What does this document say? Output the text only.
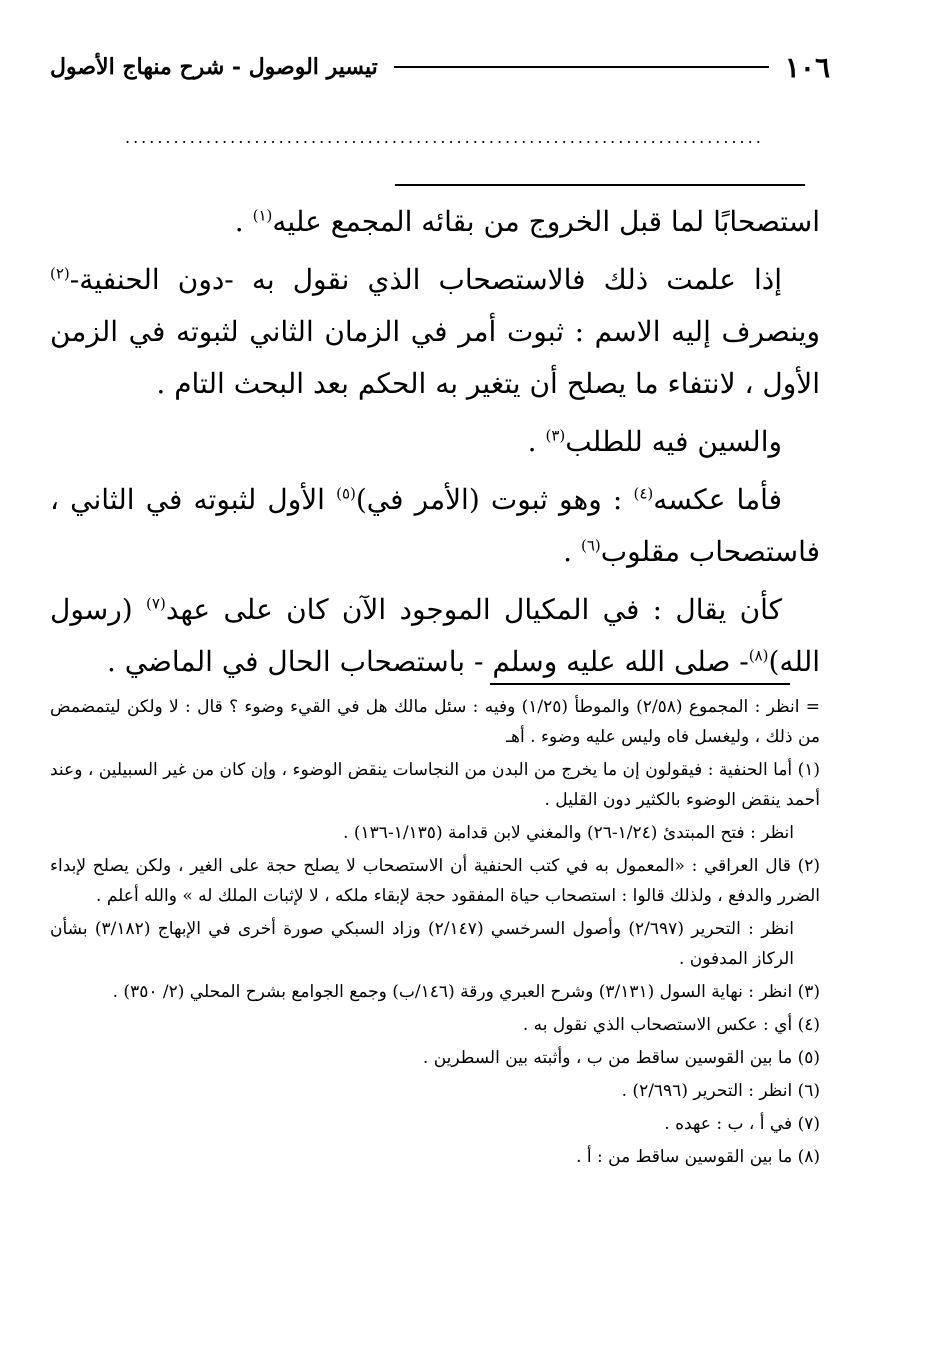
١٠٦
تيسير الوصول - شرح منهاج الأصول
...............................................................................

استصحابًا لما قبل الخروج من بقائه المجمع عليه$^{(١)}$ .

إذا علمت ذلك فالاستصحاب الذي نقول به -دون الحنفية-$^{(٢)}$ وينصرف إليه الاسم : ثبوت أمر في الزمان الثاني لثبوته في الزمن الأول ، لانتفاء ما يصلح أن يتغير به الحكم بعد البحث التام .

والسين فيه للطلب$^{(٣)}$ .

فأما عكسه$^{(٤)}$ : وهو ثبوت (الأمر في)$^{(٥)}$ الأول لثبوته في الثاني ، فاستصحاب مقلوب$^{(٦)}$ .

كأن يقال : في المكيال الموجود الآن كان على عهد$^{(٧)}$ (رسول الله)$^{(٨)}$- صلى الله عليه وسلم - باستصحاب الحال في الماضي .

= انظر : المجموع (٢/٥٨) والموطأ (١/٢٥) وفيه : سئل مالك هل في القيء وضوء ؟ قال : لا ولكن ليتمضمض من ذلك ، وليغسل فاه وليس عليه وضوء . أهـ

(١) أما الحنفية : فيقولون إن ما يخرج من البدن من النجاسات ينقض الوضوء ، وإن كان من غير السبيلين ، وعند أحمد ينقض الوضوء بالكثير دون القليل .

انظر : فتح المبتدئ (١/٢٤-٢٦) والمغني لابن قدامة (١/١٣٥-١٣٦) .

(٢) قال العراقي : «المعمول به في كتب الحنفية أن الاستصحاب لا يصلح حجة على الغير ، ولكن يصلح لإبداء الضرر والدفع ، ولذلك قالوا : استصحاب حياة المفقود حجة لإبقاء ملكه ، لا لإثبات الملك له » والله أعلم .

انظر : التحرير (٢/٦٩٧) وأصول السرخسي (٢/١٤٧) وزاد السبكي صورة أخرى في الإبهاج (٣/١٨٢) بشأن الركاز المدفون .

(٣) انظر : نهاية السول (٣/١٣١) وشرح العبري ورقة (١٤٦/ب) وجمع الجوامع بشرح المحلي (٢/ ٣٥٠) .

(٤) أي : عكس الاستصحاب الذي نقول به .

(٥) ما بين القوسين ساقط من ب ، وأثبته بين السطرين .

(٦) انظر : التحرير (٢/٦٩٦) .

(٧) في أ ، ب : عهده .

(٨) ما بين القوسين ساقط من : أ .
